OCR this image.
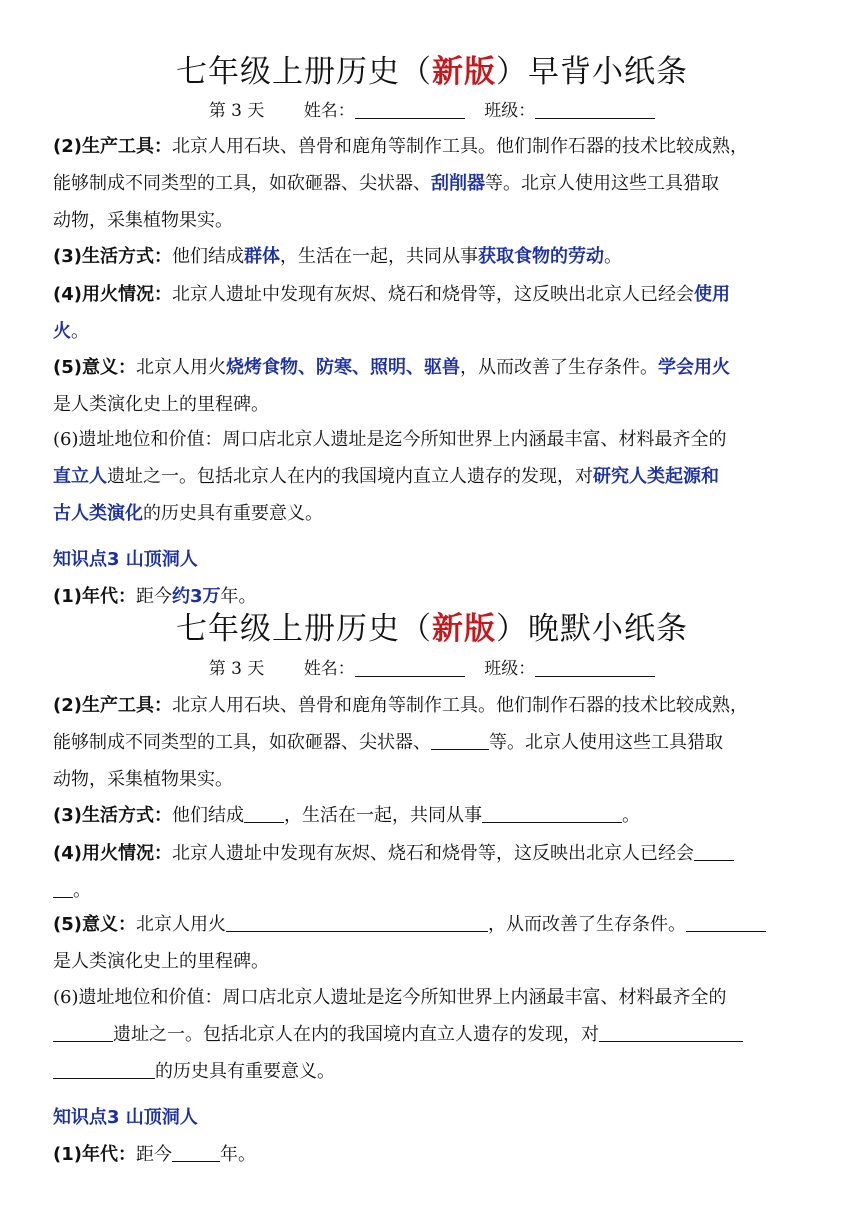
七年级上册历史（新版）早背小纸条
第 3 天 姓名：	班级：
(2)生产工具：北京人用石块、兽骨和鹿角等制作工具。他们制作石器的技术比较成熟，
能够制成不同类型的工具，如砍砸器、尖状器、刮削器等。北京人使用这些工具猎取
动物，采集植物果实。
(3)生活方式：他们结成群体，生活在一起，共同从事获取食物的劳动。
(4)用火情况：北京人遗址中发现有灰烬、烧石和烧骨等，这反映出北京人已经会使用
火。
(5)意义：北京人用火烧烤食物、防寒、照明、驱兽，从而改善了生存条件。学会用火
是人类演化史上的里程碑。
(6)遗址地位和价值：周口店北京人遗址是迄今所知世界上内涵最丰富、材料最齐全的
直立人遗址之一。包括北京人在内的我国境内直立人遗存的发现，对研究人类起源和
古人类演化的历史具有重要意义。
知识点3 山顶洞人
(1)年代：距今约3万年。
七年级上册历史（新版）晚默小纸条
第 3 天 姓名：	班级：
(2)生产工具：北京人用石块、兽骨和鹿角等制作工具。他们制作石器的技术比较成熟，
能够制成不同类型的工具，如砍砸器、尖状器、	等。北京人使用这些工具猎取
动物，采集植物果实。
(3)生活方式：他们结成 ，生活在一起，共同从事	。
(4)用火情况：北京人遗址中发现有灰烬、烧石和烧骨等，这反映出北京人已经会
。
(5)意义：北京人用火	，从而改善了生存条件。
是人类演化史上的里程碑。
(6)遗址地位和价值：周口店北京人遗址是迄今所知世界上内涵最丰富、材料最齐全的
遗址之一。包括北京人在内的我国境内直立人遗存的发现，对
的历史具有重要意义。
知识点3 山顶洞人
(1)年代：距今	年。
